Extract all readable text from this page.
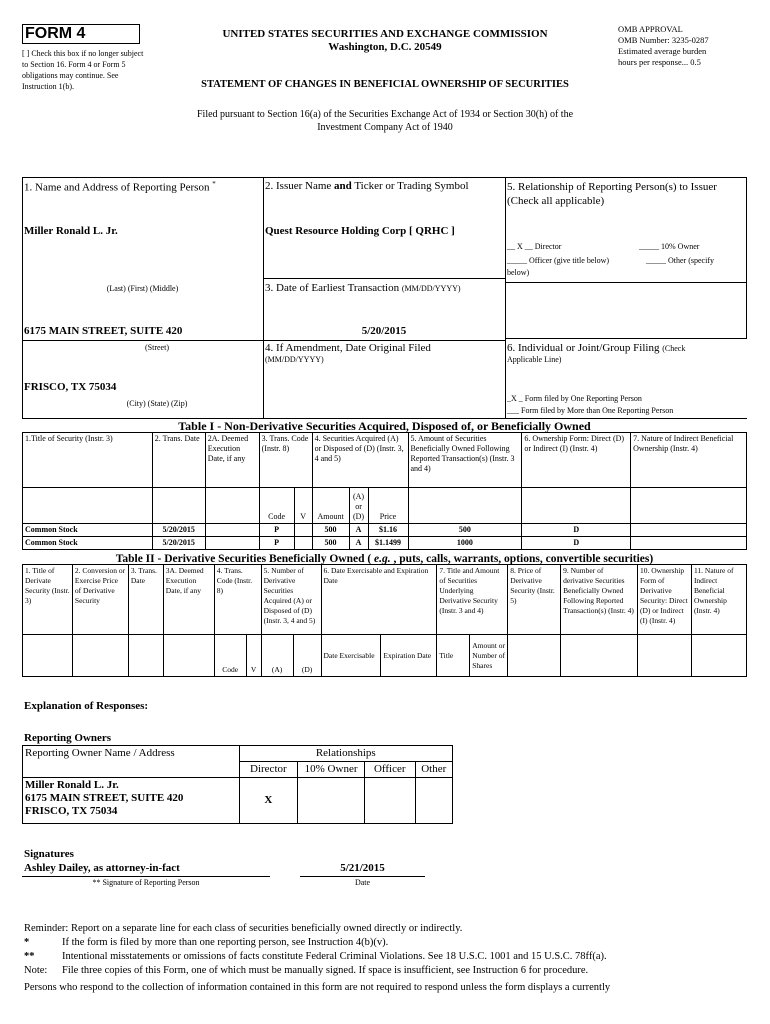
FORM 4
[ ] Check this box if no longer subject to Section 16. Form 4 or Form 5 obligations may continue. See Instruction 1(b).
UNITED STATES SECURITIES AND EXCHANGE COMMISSION
Washington, D.C. 20549
STATEMENT OF CHANGES IN BENEFICIAL OWNERSHIP OF SECURITIES
OMB APPROVAL
OMB Number: 3235-0287
Estimated average burden
hours per response... 0.5
Filed pursuant to Section 16(a) of the Securities Exchange Act of 1934 or Section 30(h) of the
Investment Company Act of 1940
1. Name and Address of Reporting Person *
Miller Ronald L. Jr.
(Last) (First) (Middle)
6175 MAIN STREET, SUITE 420
(Street)
FRISCO, TX 75034
(City) (State) (Zip)
2. Issuer Name and Ticker or Trading Symbol
Quest Resource Holding Corp [ QRHC ]
3. Date of Earliest Transaction (MM/DD/YYYY)
5/20/2015
4. If Amendment, Date Original Filed
(MM/DD/YYYY)
5. Relationship of Reporting Person(s) to Issuer
(Check all applicable)
__ X __ Director	_____ 10% Owner
_____ Officer (give title below)	_____ Other (specify
below)
6. Individual or Joint/Group Filing (Check
Applicable Line)
_X _ Form filed by One Reporting Person
___ Form filed by More than One Reporting Person
Table I - Non-Derivative Securities Acquired, Disposed of, or Beneficially Owned
1.Title of Security (Instr. 3)	2. Trans. Date	2A. Deemed Execution Date, if any	3. Trans. Code (Instr. 8)		4. Securities Acquired (A) or Disposed of (D) (Instr. 3, 4 and 5)			5. Amount of Securities Beneficially Owned Following Reported Transaction(s) (Instr. 3 and 4)	6. Ownership Form: Direct (D) or Indirect (I) (Instr. 4)	7. Nature of Indirect Beneficial Ownership (Instr. 4)
			Code	V	Amount	(A) or (D)	Price			
Common Stock	5/20/2015		P		500	A	$1.16	500	D	
Common Stock	5/20/2015		P		500	A	$1.1499	1000	D	
Table II - Derivative Securities Beneficially Owned ( e.g. , puts, calls, warrants, options, convertible securities)
1. Title of Derivate Security (Instr. 3)	2. Conversion or Exercise Price of Derivative Security	3. Trans. Date	3A. Deemed Execution Date, if any	4. Trans. Code (Instr. 8)		5. Number of Derivative Securities Acquired (A) or Disposed of (D) (Instr. 3, 4 and 5)		6. Date Exercisable and Expiration Date		7. Title and Amount of Securities Underlying Derivative Security (Instr. 3 and 4)		8. Price of Derivative Security (Instr. 5)	9. Number of derivative Securities Beneficially Owned Following Reported Transaction(s) (Instr. 4)	10. Ownership Form of Derivative Security: Direct (D) or Indirect (I) (Instr. 4)	11. Nature of Indirect Beneficial Ownership (Instr. 4)
				Code	V	(A)	(D)	Date Exercisable	Expiration Date	Title	Amount or Number of Shares				
Explanation of Responses:
Reporting Owners
Reporting Owner Name / Address	Relationships			
	Director	10% Owner	Officer	Other

Miller Ronald L. Jr.
6175 MAIN STREET, SUITE 420
FRISCO, TX 75034	X			
Signatures
Ashley Dailey, as attorney-in-fact
** Signature of Reporting Person
5/21/2015
Date
Reminder: Report on a separate line for each class of securities beneficially owned directly or indirectly.
*	If the form is filed by more than one reporting person, see Instruction 4(b)(v).
**	Intentional misstatements or omissions of facts constitute Federal Criminal Violations. See 18 U.S.C. 1001 and 15 U.S.C. 78ff(a).
Note: File three copies of this Form, one of which must be manually signed. If space is insufficient, see Instruction 6 for procedure.
Persons who respond to the collection of information contained in this form are not required to respond unless the form displays a currently
